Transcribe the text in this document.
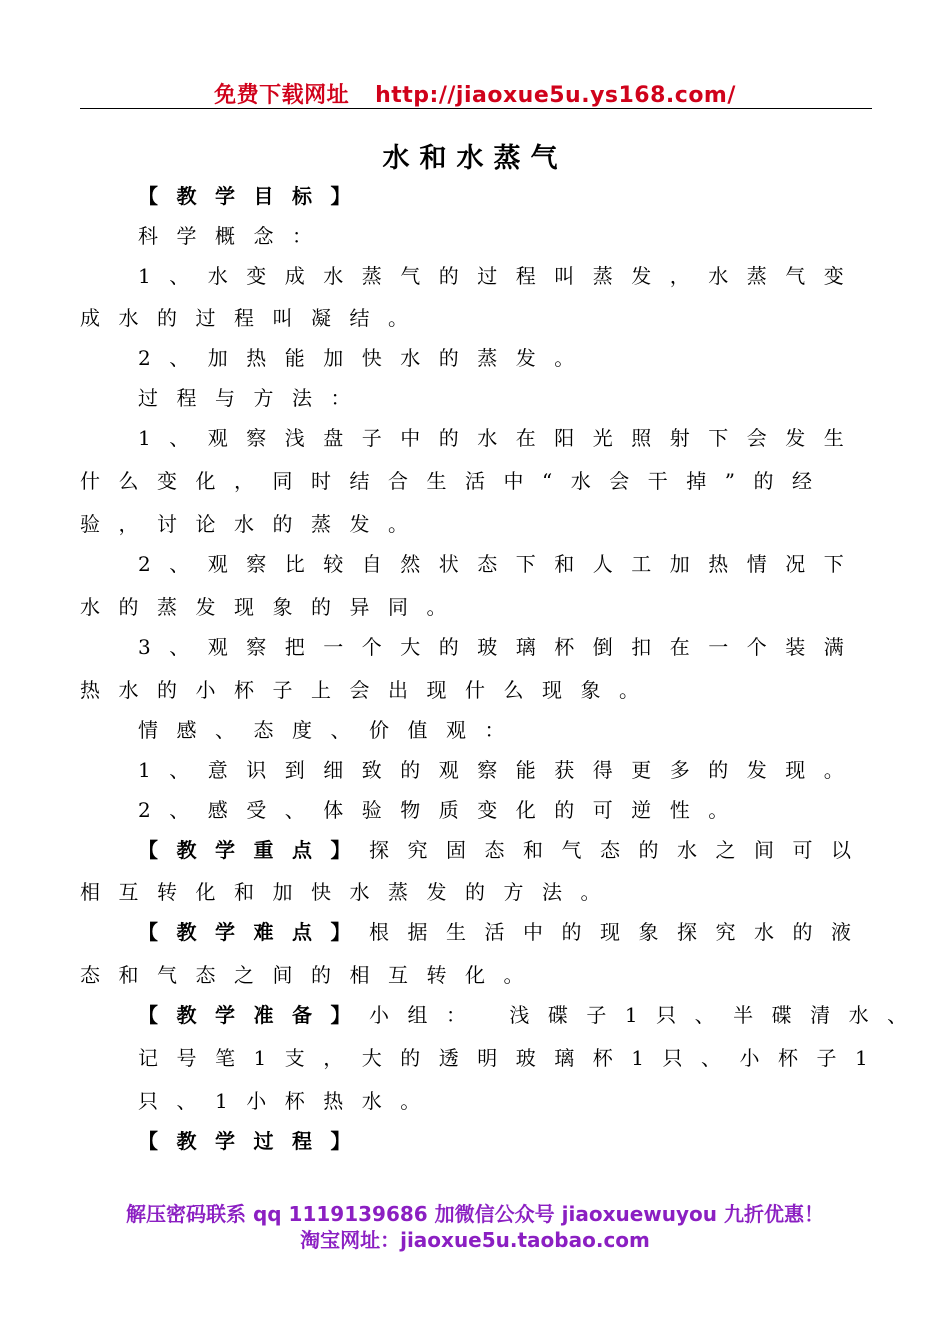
免费下载网址 http://jiaoxue5u.ys168.com/
水和水蒸气
【教学目标】
科学概念：
1、水变成水蒸气的过程叫蒸发，水蒸气变
成水的过程叫凝结。
2、加热能加快水的蒸发。
过程与方法：
1、观察浅盘子中的水在阳光照射下会发生
什么变化，同时结合生活中“水会干掉”的经
验，讨论水的蒸发。
2、观察比较自然状态下和人工加热情况下
水的蒸发现象的异同。
3、观察把一个大的玻璃杯倒扣在一个装满
热水的小杯子上会出现什么现象。
情感、态度、价值观：
1、意识到细致的观察能获得更多的发现。
2、感受、体验物质变化的可逆性。
【教学重点】探究固态和气态的水之间可以
相互转化和加快水蒸发的方法。
【教学难点】根据生活中的现象探究水的液
态和气态之间的相互转化。
【教学准备】小组： 浅碟子1只、半碟清水、
记号笔1支，大的透明玻璃杯1只、小杯子1
只、1小杯热水。
【教学过程】
解压密码联系 qq 1119139686 加微信公众号 jiaoxuewuyou 九折优惠！
淘宝网址：jiaoxue5u.taobao.com
